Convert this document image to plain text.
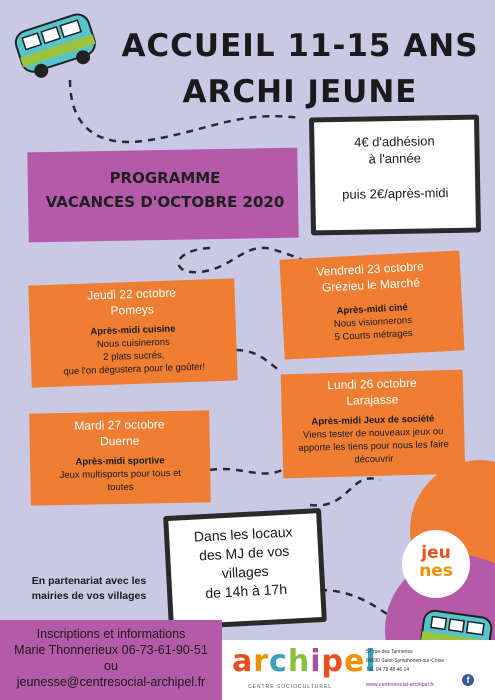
ACCUEIL 11-15 ANS
ARCHI JEUNE
PROGRAMME
VACANCES D'OCTOBRE 2020
4€ d'adhésion
à l'année
puis 2€/après-midi
Jeudi 22 octobre
Pomeys
Après-midi cuisine
Nous cuisinerons
2 plats sucrés,
que l'on dégustera pour le goûter!
Vendredi 23 octobre
Grézieu le Marché
Après-midi ciné
Nous visionnerons
5 Courts métrages
Lundi 26 octobre
Larajasse
Après-midi Jeux de société
Viens tester de nouveaux jeux ou
apporte les tiens pour nous les faire
découvrir
Mardi 27 octobre
Duerne
Après-midi sportive
Jeux multisports pour tous et
toutes
Dans les locaux
des MJ de vos
villages
de 14h à 17h
jeu
nes
En partenariat avec les
mairies de vos villages
Inscriptions et informations
Marie Thonnerieux 06-73-61-90-51
ou
jeunesse@centresocial-archipel.fr
archipel
CENTRE SOCIOCULTUREL
57 rue des Tanneries
69590 Saint-Symphorien-sur-Coise
Tél. 04 78 48 46 14
www.centresocial-archipel.fr	f
